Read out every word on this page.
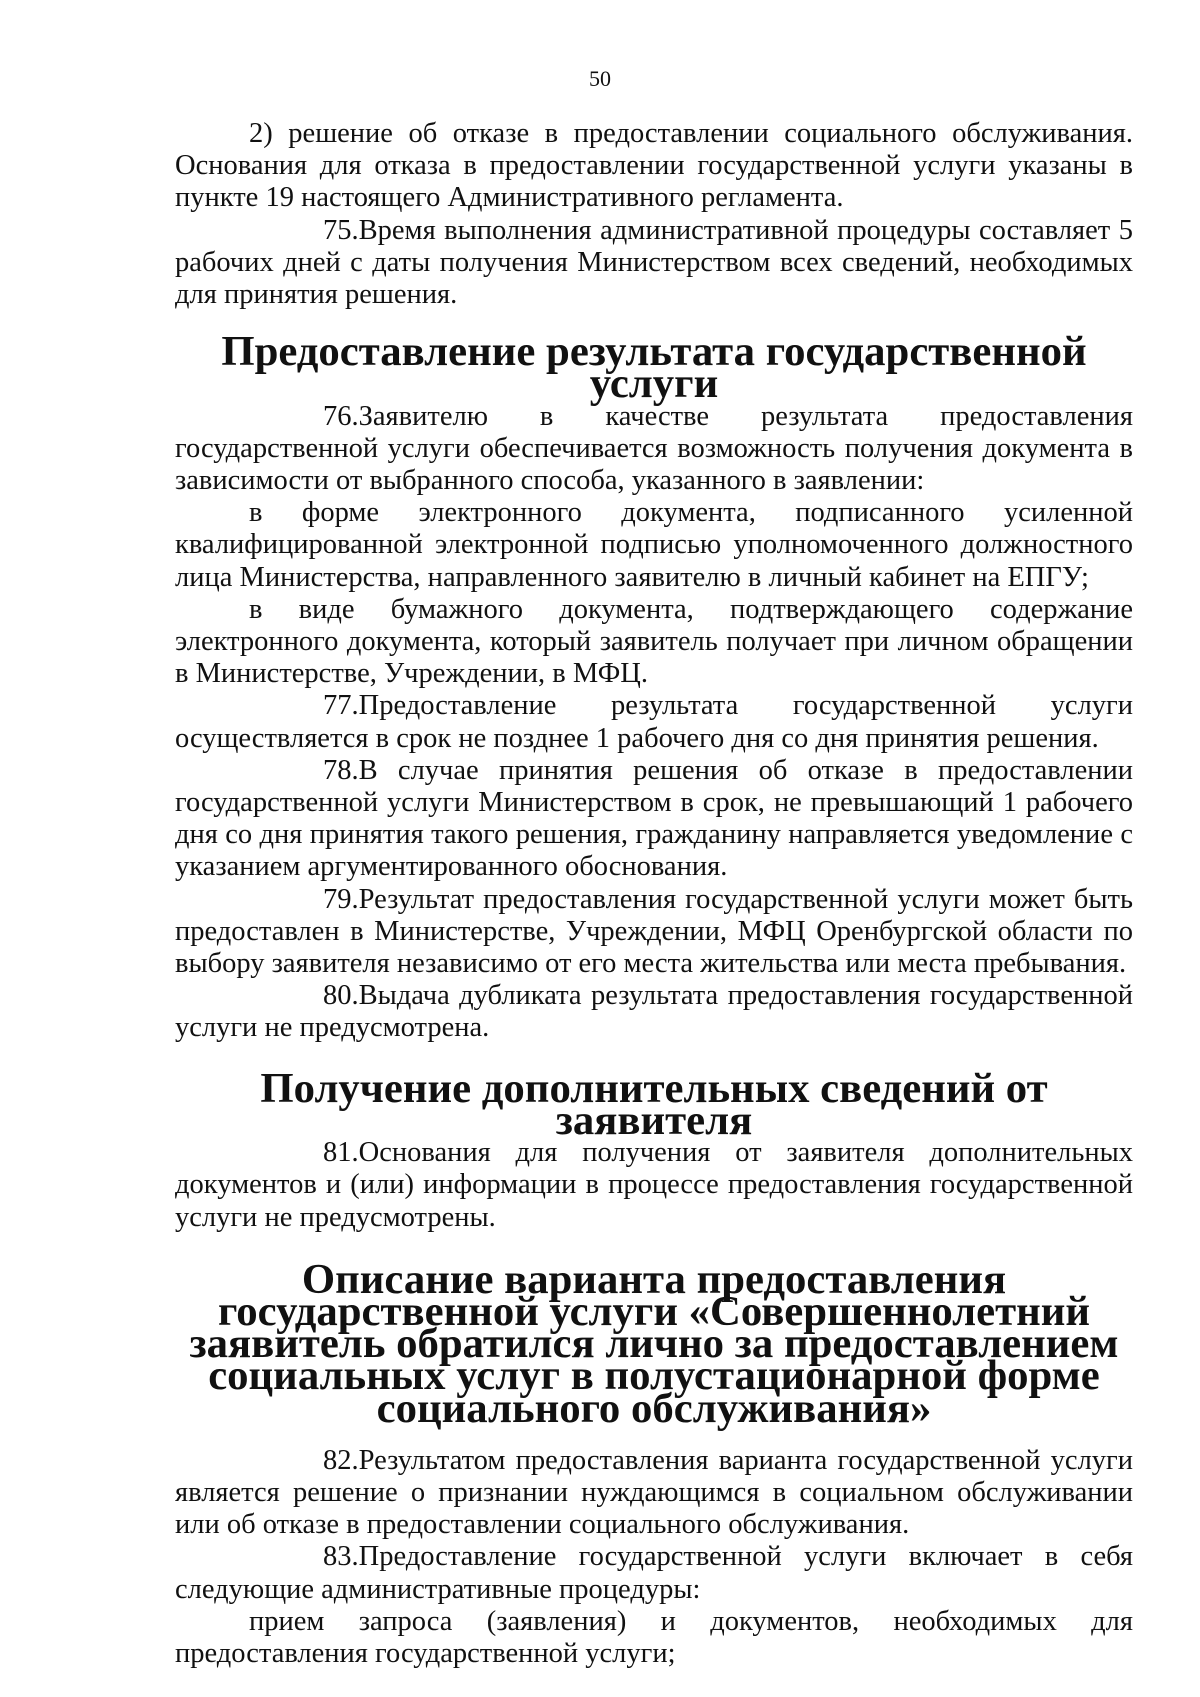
50

2) решение об отказе в предоставлении социального обслуживания. Основания для отказа в предоставлении государственной услуги указаны в пункте 19 настоящего Административного регламента.

75.Время выполнения административной процедуры составляет 5 рабочих дней с даты получения Министерством всех сведений, необходимых для принятия решения.

Предоставление результата государственной услуги

76.Заявителю в качестве результата предоставления государственной услуги обеспечивается возможность получения документа в зависимости от выбранного способа, указанного в заявлении:

в форме электронного документа, подписанного усиленной квалифицированной электронной подписью уполномоченного должностного лица Министерства, направленного заявителю в личный кабинет на ЕПГУ;

в виде бумажного документа, подтверждающего содержание электронного документа, который заявитель получает при личном обращении в Министерстве, Учреждении, в МФЦ.

77.Предоставление результата государственной услуги осуществляется в срок не позднее 1 рабочего дня со дня принятия решения.

78.В случае принятия решения об отказе в предоставлении государственной услуги Министерством в срок, не превышающий 1 рабочего дня со дня принятия такого решения, гражданину направляется уведомление с указанием аргументированного обоснования.

79.Результат предоставления государственной услуги может быть предоставлен в Министерстве, Учреждении, МФЦ Оренбургской области по выбору заявителя независимо от его места жительства или места пребывания.

80.Выдача дубликата результата предоставления государственной услуги не предусмотрена.

Получение дополнительных сведений от заявителя

81.Основания для получения от заявителя дополнительных документов и (или) информации в процессе предоставления государственной услуги не предусмотрены.

Описание варианта предоставления государственной услуги «Совершеннолетний заявитель обратился лично за предоставлением социальных услуг в полустационарной форме социального обслуживания»

82.Результатом предоставления варианта государственной услуги является решение о признании нуждающимся в социальном обслуживании или об отказе в предоставлении социального обслуживания.

83.Предоставление государственной услуги включает в себя следующие административные процедуры:

прием запроса (заявления) и документов, необходимых для предоставления государственной услуги;
